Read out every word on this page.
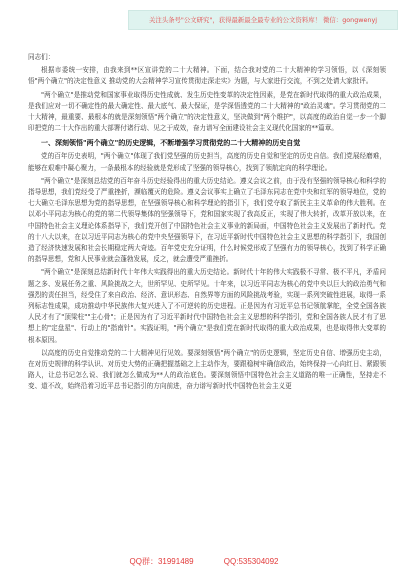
关注头条号"公文研究"，获得最新最全最专业的公文资料库！ 微信：gongwenyj
同志们：

根据市委统一安排，由我来到**区宣讲党的二十大精神。下面，结合我对党的二十大精神的学习领悟，以《深刻领悟"两个确立"的决定性意义 推动党的大会精神学习宣传贯彻走深走实》为题，与大家进行交流，不到之处请大家批评。

"两个确立"是推动党和国家事业取得历史性成就、发生历史性变革的决定性因素，是党在新时代取得的重大政治成果，是我们应对一切不确定性的最大确定性、最大底气、最大保证，是学深悟透党的二十大精神的"政治灵魂"。学习贯彻党的二十大精神，最重要、最根本的就是深刻领悟"两个确立"的决定性意义，坚决做到"两个维护"，以高度的政治自觉一步一个脚印把党的二十大作出的重大部署付诸行动、见之于成效，奋力谱写全面建设社会主义现代化国家的**篇章。

一、深刻领悟"两个确立"的历史逻辑，不断增强学习贯彻党的二十大精神的历史自觉

党的百年历史表明，"两个确立"体现了我们党坚强的历史担当，高度的历史自觉和坚定的历史自信。我们党展经磨难，能够在艰难中凝心聚力，一条最根本的经验就是党形成了坚强的领导核心，找到了领航定向的科学理论。

"两个确立"是深刻总结党的百年奋斗历史经验得出的重大历史结论。遵义会议之前，由于没有坚强的领导核心和科学的指导思想，我们党经受了严重挫折，濒临覆灭的危险。遵义会议事实上确立了毛泽东同志在党中央和红军的领导地位，党的七大确立毛泽东思想为党的指导思想，在坚强领导核心和科学理论的指引下，我们党夺取了新民主主义革命的伟大胜利。在以邓小平同志为核心的党的第二代领导集体的坚强领导下，党和国家实现了我高反正，实现了伟大转折，改革开放以来，在中国特色社会主义理论体系指导下，我们党开创了中国特色社会主义事业的新局面，中国特色社会主义发展出了新时代。党的十八大以来，在以习近平同志为核心的党中央坚强领导下，在习近平新时代中国特色社会主义思想的科学指引下，我国创造了经济快速发展和社会长期稳定两大奇迹。百年党史充分证明，什么时候党形成了坚强有力的领导核心，找到了科学正确的指导思想，党和人民事业就会蓬勃发展，反之，就会遭受严重挫折。

"两个确立"是深刻总结新时代十年伟大实践得出的重大历史结论。新时代十年的伟大实践极不寻常、极不平凡，矛盾问题之多、发展任务之重、风险挑战之大，世所罕见、史所罕见。十年来，以习近平同志为核心的党中央以巨大的政治勇气和强烈的责任担当，经受住了来自政治、经济、意识形态、自然界等方面的风险挑战考验，实现一系列突破性进展，取得一系列标志性成果，成功推动中华民族伟大复兴进入了不可逆转的历史进程。正是因为有习近平总书记领航掌舵，全党全国各族人民才有了"顶梁柱""主心骨"；正是因为有了习近平新时代中国特色社会主义思想的科学指引，党和全国各族人民才有了思想上的"定盘星"、行动上的"指南针"。实践证明，"两个确立"是我们党在新时代取得的重大政治成果，也是取得伟大变革的根本原因。

以高度的历史自觉推动党的二十大精神见行见效。要深刻领悟"两个确立"的历史逻辑，坚定历史自信、增强历史主动，在对历史规律的科学认识、对历史大势的正确把握基础之上主动作为，要跟稳树牢确信政治，始终保持一心向红日、紧跟领路人，让总书记怎么说、我们就怎么做成为**人的政治底色。要深刻领悟中国特色社会主义道路的唯一正确性，坚持走不变、道不改，始终沿着习近平总书记指引的方向前进，奋力谱写新时代中国特色社会主义更

QQ群：31991489	QQ:535304092
